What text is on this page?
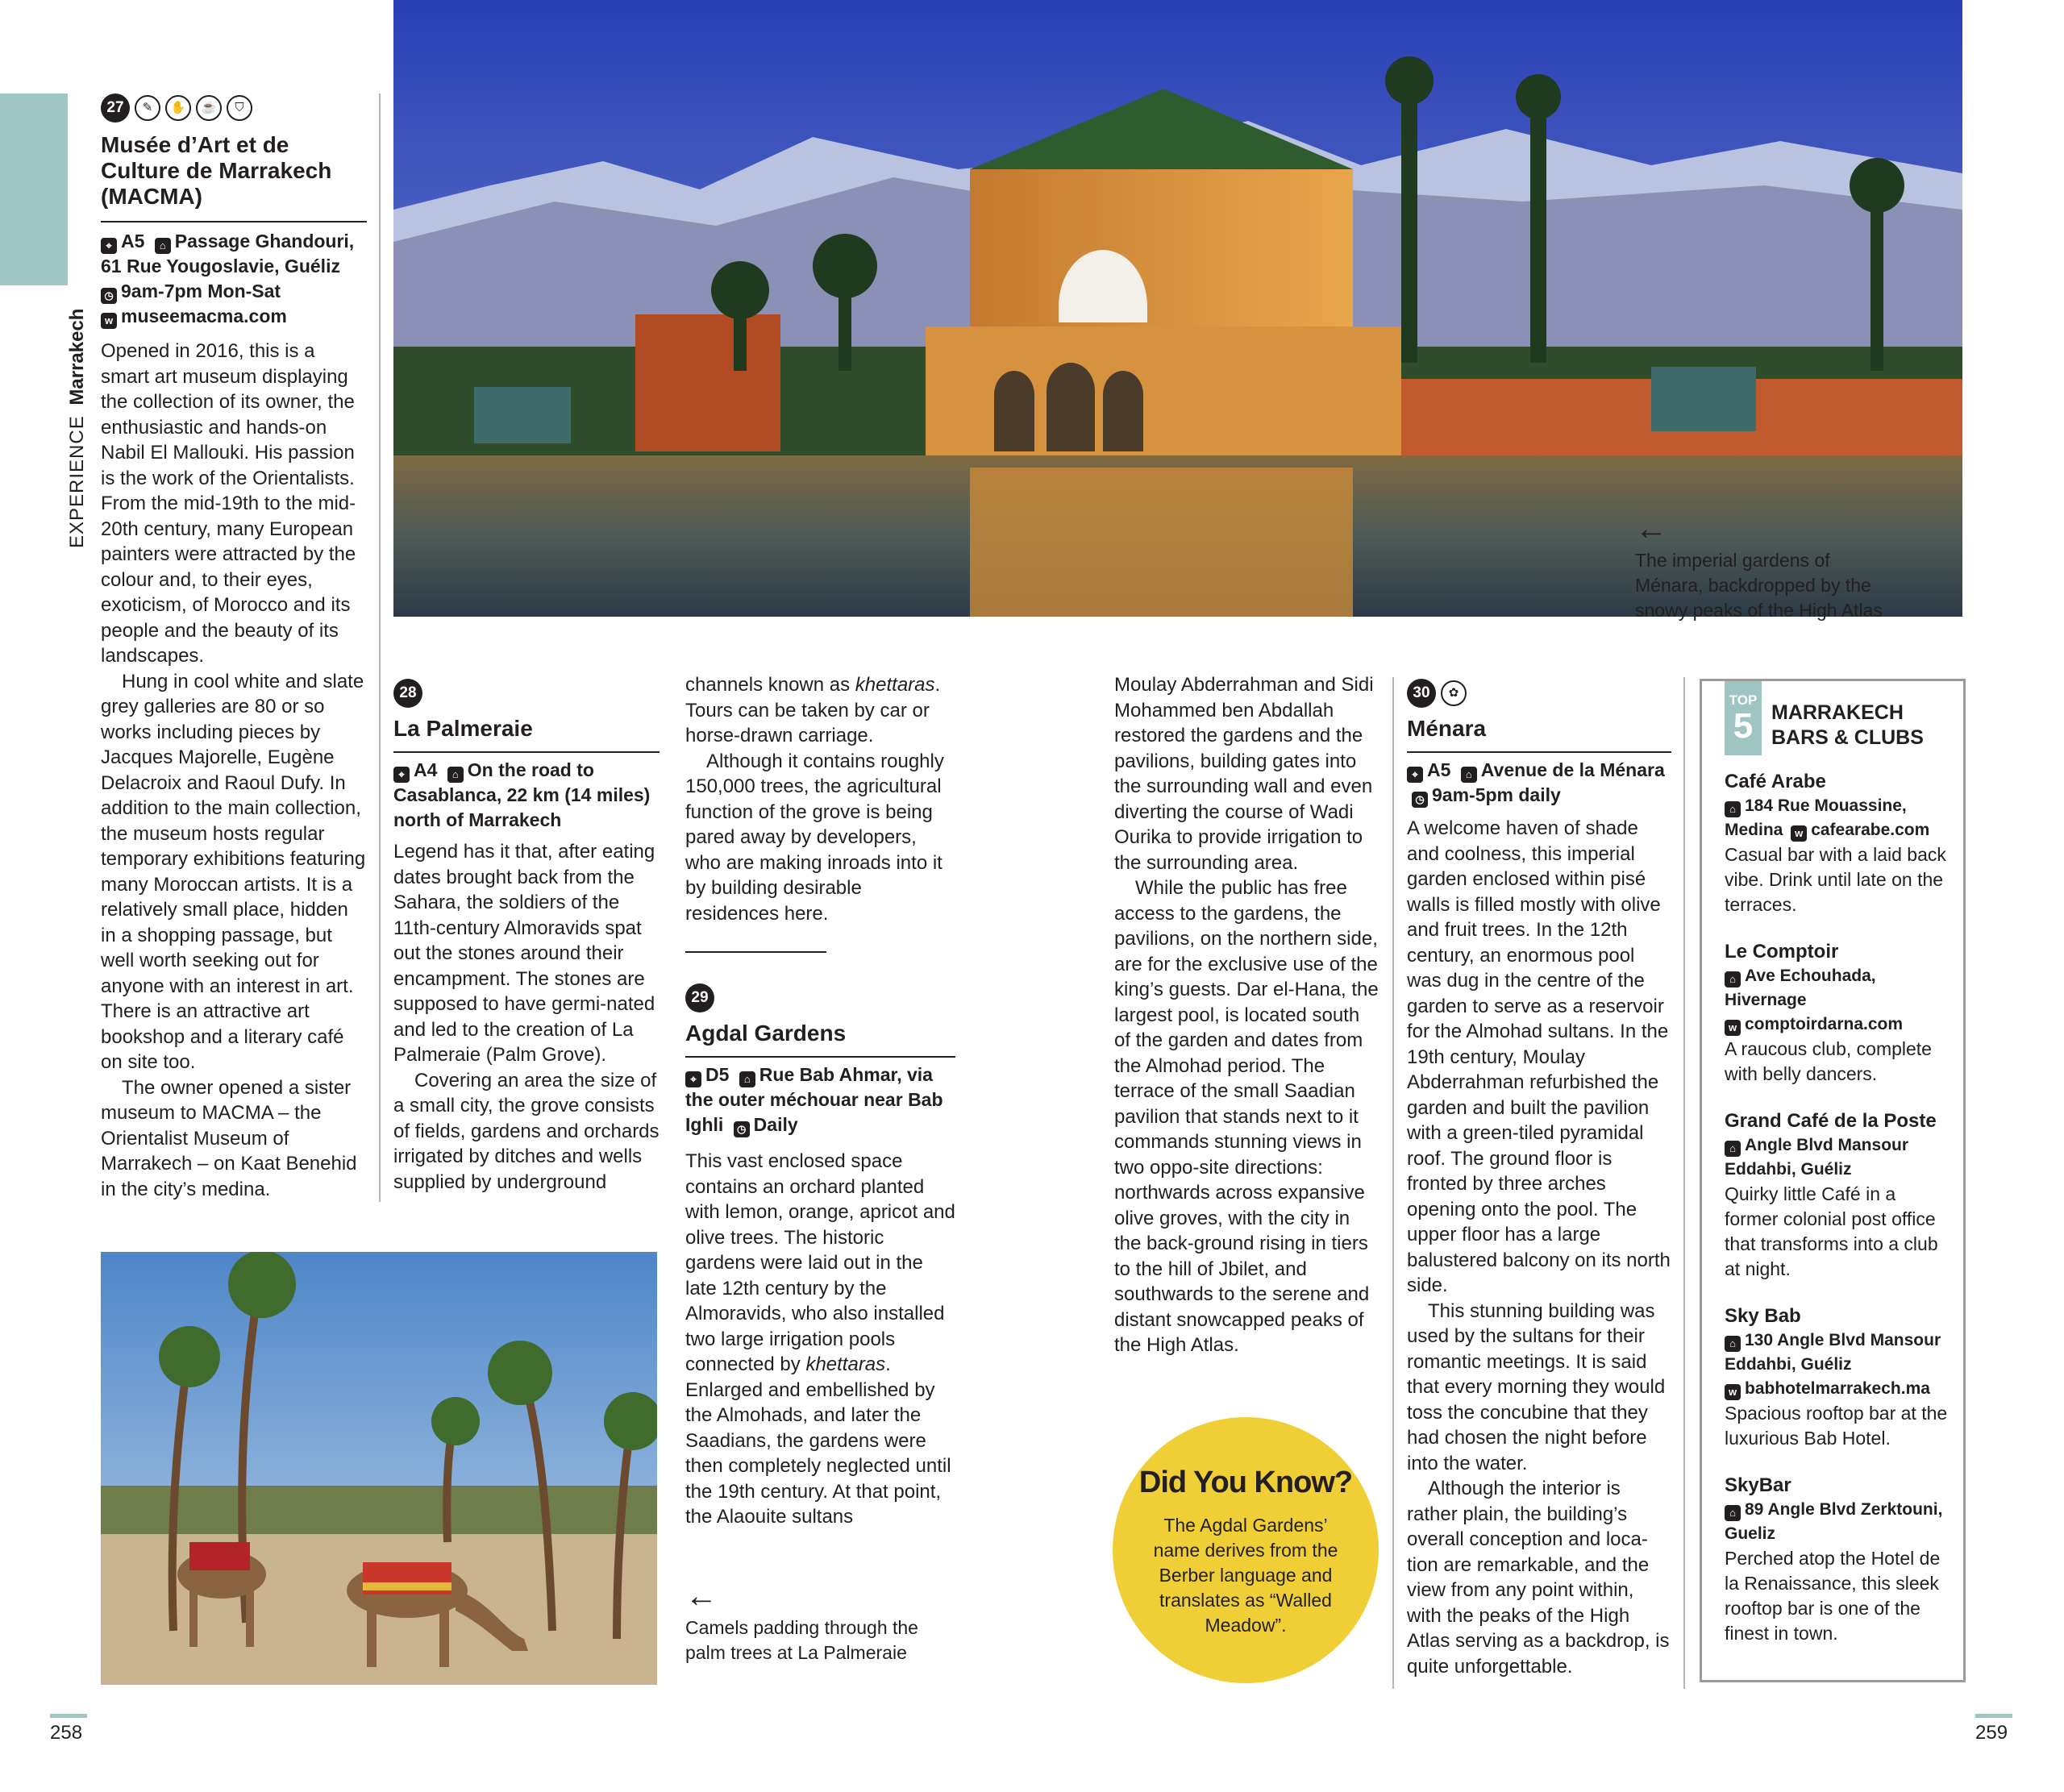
EXPERIENCE Marrakech
27 ✎ ✋ ☕ ⛉
Musée d’Art et de Culture de Marrakech (MACMA)
⌖ A5 ⌂ Passage Ghandouri, 61 Rue Yougoslavie, Guéliz
◷ 9am-7pm Mon-Sat
w museemacma.com

Opened in 2016, this is a smart art museum displaying the collection of its owner, the enthusiastic and hands-on Nabil El Mallouki. His passion is the work of the Orientalists. From the mid-19th to the mid-20th century, many European painters were attracted by the colour and, to their eyes, exoticism, of Morocco and its people and the beauty of its landscapes.

Hung in cool white and slate grey galleries are 80 or so works including pieces by Jacques Majorelle, Eugène Delacroix and Raoul Dufy. In addition to the main collection, the museum hosts regular temporary exhibitions featuring many Moroccan artists. It is a relatively small place, hidden in a shopping passage, but well worth seeking out for anyone with an interest in art. There is an attractive art bookshop and a literary café on site too.

The owner opened a sister museum to MACMA – the Orientalist Museum of Marrakech – on Kaat Benehid in the city’s medina.

←
The imperial gardens of Ménara, backdropped by the snowy peaks of the High Atlas
28
La Palmeraie
⌖ A4 ⌂ On the road to Casablanca, 22 km (14 miles) north of Marrakech

Legend has it that, after eating dates brought back from the Sahara, the soldiers of the 11th-century Almoravids spat out the stones around their encampment. The stones are supposed to have germi-nated and led to the creation of La Palmeraie (Palm Grove).

Covering an area the size of a small city, the grove consists of fields, gardens and orchards irrigated by ditches and wells supplied by underground

channels known as khettaras. Tours can be taken by car or horse-drawn carriage.

Although it contains roughly 150,000 trees, the agricultural function of the grove is being pared away by developers, who are making inroads into it by building desirable residences here.

29
Agdal Gardens
⌖ D5 ⌂ Rue Bab Ahmar, via the outer méchouar near Bab Ighli ◷ Daily

This vast enclosed space contains an orchard planted with lemon, orange, apricot and olive trees. The historic gardens were laid out in the late 12th century by the Almoravids, who also installed two large irrigation pools connected by khettaras. Enlarged and embellished by the Almohads, and later the Saadians, the gardens were then completely neglected until the 19th century. At that point, the Alaouite sultans

←
Camels padding through the palm trees at La Palmeraie

Moulay Abderrahman and Sidi Mohammed ben Abdallah restored the gardens and the pavilions, building gates into the surrounding wall and even diverting the course of Wadi Ourika to provide irrigation to the surrounding area.

While the public has free access to the gardens, the pavilions, on the northern side, are for the exclusive use of the king’s guests. Dar el-Hana, the largest pool, is located south of the garden and dates from the Almohad period. The terrace of the small Saadian pavilion that stands next to it commands stunning views in two oppo-site directions: northwards across expansive olive groves, with the city in the back-ground rising in tiers to the hill of Jbilet, and southwards to the serene and distant snowcapped peaks of the High Atlas.

Did You Know?
The Agdal Gardens’ name derives from the Berber language and translates as “Walled Meadow”.
30 ✿
Ménara
⌖ A5 ⌂ Avenue de la Ménara ◷ 9am-5pm daily

A welcome haven of shade and coolness, this imperial garden enclosed within pisé walls is filled mostly with olive and fruit trees. In the 12th century, an enormous pool was dug in the centre of the garden to serve as a reservoir for the Almohad sultans. In the 19th century, Moulay Abderrahman refurbished the garden and built the pavilion with a green-tiled pyramidal roof. The ground floor is fronted by three arches opening onto the pool. The upper floor has a large balustered balcony on its north side.

This stunning building was used by the sultans for their romantic meetings. It is said that every morning they would toss the concubine that they had chosen the night before into the water.

Although the interior is rather plain, the building’s overall conception and loca-tion are remarkable, and the view from any point within, with the peaks of the High Atlas serving as a backdrop, is quite unforgettable.

TOP
5 MARRAKECH BARS & CLUBS
Café Arabe
⌂ 184 Rue Mouassine, Medina w cafearabe.com
Casual bar with a laid back vibe. Drink until late on the terraces.
Le Comptoir
⌂ Ave Echouhada, Hivernage
w comptoirdarna.com
A raucous club, complete with belly dancers.
Grand Café de la Poste
⌂ Angle Blvd Mansour Eddahbi, Guéliz
Quirky little Café in a former colonial post office that transforms into a club at night.
Sky Bab
⌂ 130 Angle Blvd Mansour Eddahbi, Guéliz
w babhotelmarrakech.ma
Spacious rooftop bar at the luxurious Bab Hotel.
SkyBar
⌂ 89 Angle Blvd Zerktouni, Gueliz
Perched atop the Hotel de la Renaissance, this sleek rooftop bar is one of the finest in town.
258	259
